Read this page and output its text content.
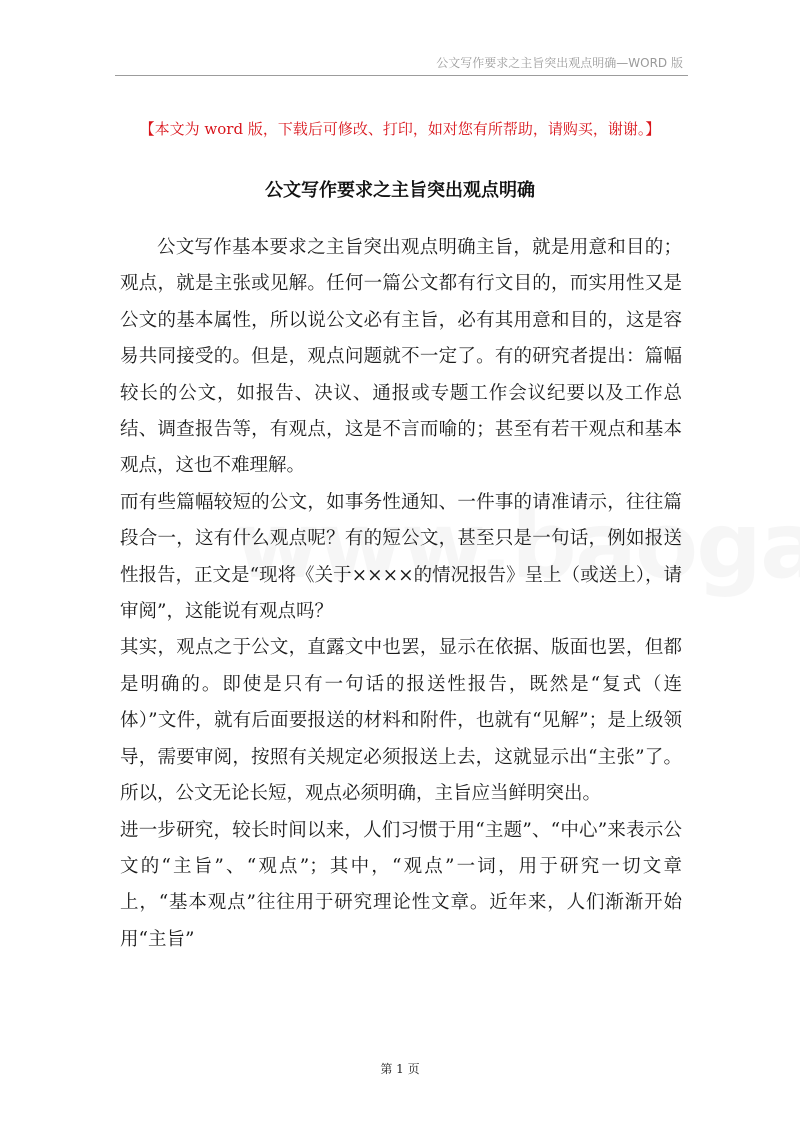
公文写作要求之主旨突出观点明确—WORD 版
【本文为 word 版，下载后可修改、打印，如对您有所帮助，请购买，谢谢。】
公文写作要求之主旨突出观点明确

公文写作基本要求之主旨突出观点明确主旨，就是用意和目的；观点，就是主张或见解。任何一篇公文都有行文目的，而实用性又是公文的基本属性，所以说公文必有主旨，必有其用意和目的，这是容易共同接受的。但是，观点问题就不一定了。有的研究者提出：篇幅较长的公文，如报告、决议、通报或专题工作会议纪要以及工作总结、调查报告等，有观点，这是不言而喻的；甚至有若干观点和基本观点，这也不难理解。

而有些篇幅较短的公文，如事务性通知、一件事的请准请示，往往篇段合一，这有什么观点呢？有的短公文，甚至只是一句话，例如报送性报告，正文是“现将《关于××××的情况报告》呈上（或送上），请审阅”，这能说有观点吗？

其实，观点之于公文，直露文中也罢，显示在依据、版面也罢，但都是明确的。即使是只有一句话的报送性报告，既然是“复式（连体）”文件，就有后面要报送的材料和附件，也就有“见解”；是上级领导，需要审阅，按照有关规定必须报送上去，这就显示出“主张”了。所以，公文无论长短，观点必须明确，主旨应当鲜明突出。

进一步研究，较长时间以来，人们习惯于用“主题”、“中心”来表示公文的“主旨”、“观点”；其中，“观点”一词，用于研究一切文章上，“基本观点”往往用于研究理论性文章。近年来，人们渐渐开始用“主旨”

第 1 页
